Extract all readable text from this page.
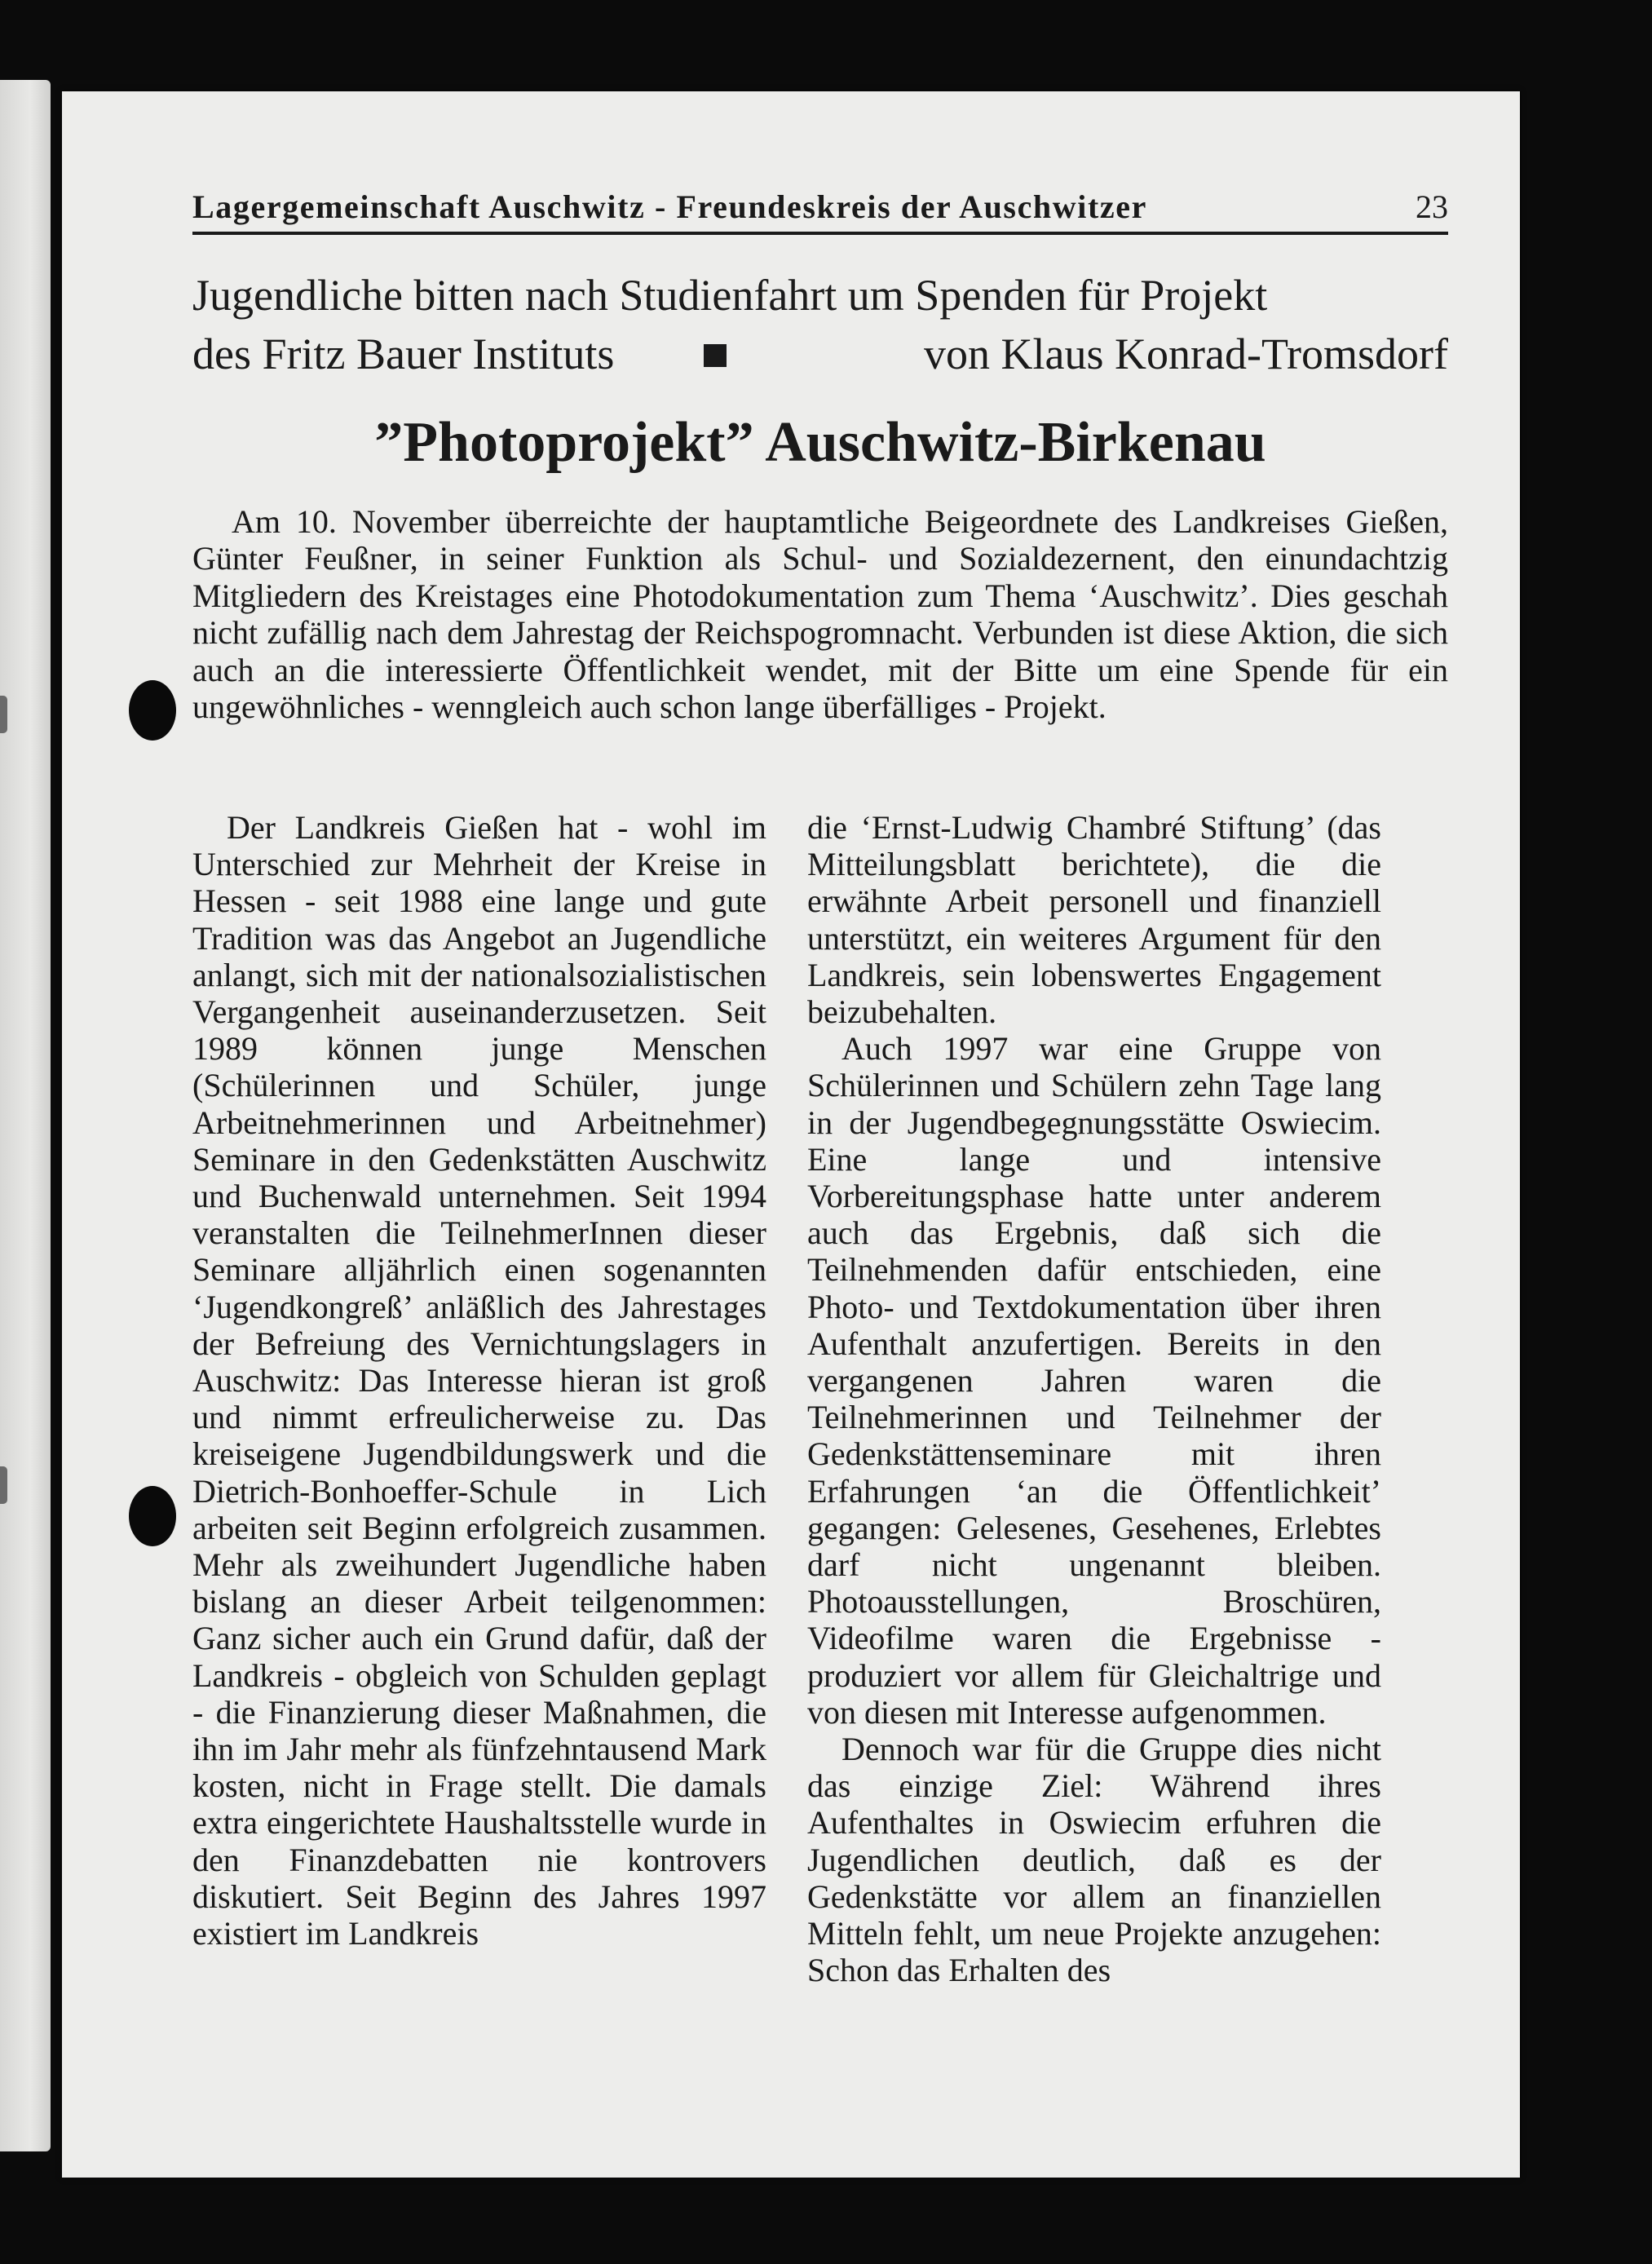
Lagergemeinschaft Auschwitz - Freundeskreis der Auschwitzer	23
Jugendliche bitten nach Studienfahrt um Spenden für Projekt
des Fritz Bauer Instituts	von Klaus Konrad-Tromsdorf
”Photoprojekt” Auschwitz-Birkenau

Am 10. November überreichte der hauptamtliche Beigeordnete des Landkreises Gießen, Günter Feußner, in seiner Funktion als Schul- und Sozialdezernent, den einundachtzig Mitgliedern des Kreistages eine Photodokumentation zum Thema ‘Auschwitz’. Dies geschah nicht zufällig nach dem Jahrestag der Reichspogromnacht. Verbunden ist diese Aktion, die sich auch an die interessierte Öffentlichkeit wendet, mit der Bitte um eine Spende für ein ungewöhnliches - wenngleich auch schon lange überfälliges - Projekt.

Der Landkreis Gießen hat - wohl im Unterschied zur Mehrheit der Kreise in Hessen - seit 1988 eine lange und gute Tradition was das Angebot an Jugendliche anlangt, sich mit der nationalsozialistischen Vergangenheit auseinanderzusetzen. Seit 1989 können junge Menschen (Schülerinnen und Schüler, junge Arbeitnehmerinnen und Arbeitnehmer) Seminare in den Gedenkstätten Auschwitz und Buchenwald unternehmen. Seit 1994 veranstalten die TeilnehmerInnen dieser Seminare alljährlich einen sogenannten ‘Jugendkongreß’ anläßlich des Jahrestages der Befreiung des Vernichtungslagers in Auschwitz: Das Interesse hieran ist groß und nimmt erfreulicherweise zu. Das kreiseigene Jugendbildungswerk und die Dietrich-Bonhoeffer-Schule in Lich arbeiten seit Beginn erfolgreich zusammen. Mehr als zweihundert Jugendliche haben bislang an dieser Arbeit teilgenommen: Ganz sicher auch ein Grund dafür, daß der Landkreis - obgleich von Schulden geplagt - die Finanzierung dieser Maßnahmen, die ihn im Jahr mehr als fünfzehntausend Mark kosten, nicht in Frage stellt. Die damals extra eingerichtete Haushaltsstelle wurde in den Finanzdebatten nie kontrovers diskutiert. Seit Beginn des Jahres 1997 existiert im Landkreis

die ‘Ernst-Ludwig Chambré Stiftung’ (das Mitteilungsblatt berichtete), die die erwähnte Arbeit personell und finanziell unterstützt, ein weiteres Argument für den Landkreis, sein lobenswertes Engagement beizubehalten.

Auch 1997 war eine Gruppe von Schülerinnen und Schülern zehn Tage lang in der Jugendbegegnungsstätte Oswiecim. Eine lange und intensive Vorbereitungsphase hatte unter anderem auch das Ergebnis, daß sich die Teilnehmenden dafür entschieden, eine Photo- und Textdokumentation über ihren Aufenthalt anzufertigen. Bereits in den vergangenen Jahren waren die Teilnehmerinnen und Teilnehmer der Gedenkstättenseminare mit ihren Erfahrungen ‘an die Öffentlichkeit’ gegangen: Gelesenes, Gesehenes, Erlebtes darf nicht ungenannt bleiben. Photoausstellungen, Broschüren, Videofilme waren die Ergebnisse - produziert vor allem für Gleichaltrige und von diesen mit Interesse aufgenommen.

Dennoch war für die Gruppe dies nicht das einzige Ziel: Während ihres Aufenthaltes in Oswiecim erfuhren die Jugendlichen deutlich, daß es der Gedenkstätte vor allem an finanziellen Mitteln fehlt, um neue Projekte anzugehen: Schon das Erhalten des
